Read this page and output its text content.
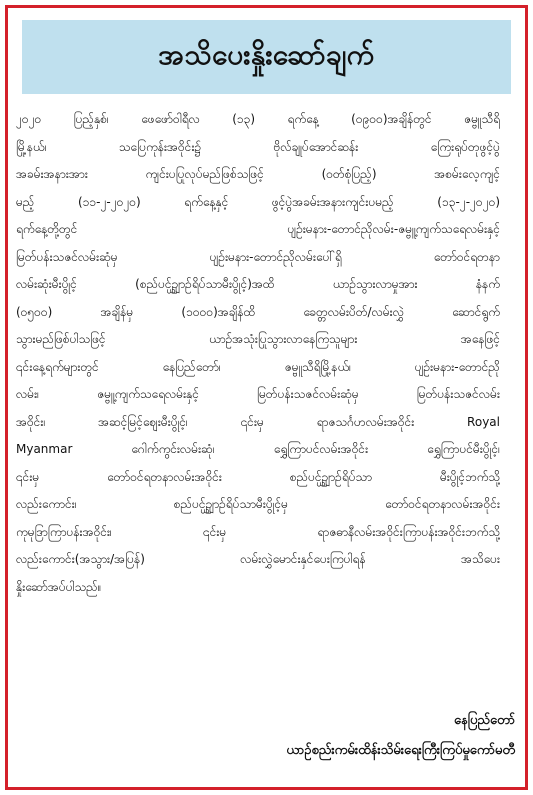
အသိပေးနှိုးဆော်ချက်
၂၀၂၀ ပြည့်နှစ်၊ ဖေဖော်ဝါရီလ (၁၃) ရက်နေ့ (၀၉၀၀)အချိန်တွင် ဇမ္ဗူသီရိ
မြို့နယ်၊ သပြေကုန်းအဝိုင်း၌ ဗိုလ်ချုပ်အောင်ဆန်း ကြေးရုပ်တုဖွင့်ပွဲ
အခမ်းအနားအား ကျင်းပပြုလုပ်မည်ဖြစ်သဖြင့် (ဝတ်စုံပြည့်) အစမ်းလေ့ကျင့်
မည့် (၁၁-၂-၂၀၂၀) ရက်နေ့နှင့် ဖွင့်ပွဲအခမ်းအနားကျင်းပမည့် (၁၃-၂-၂၀၂၀)
ရက်နေ့တို့တွင် ပျဉ်းမနား-တောင်ညိုလမ်း-ဇမ္ဗူ့ကျက်သရေလမ်းနှင့်
မြတ်ပန်းသဇင်လမ်းဆုံမှ ပျဉ်းမနား-တောင်ညိုလမ်းပေါ်ရှိ တော်ဝင်ရတနာ
လမ်းဆုံးမီးပွိုင့် (စည်ပင်ဥ္ယျာဉ်ရိပ်သာမီးပွိုင့်)အထိ ယာဉ်သွားလာမှုအား နံနက်
(၀၅၀၀) အချိန်မှ (၁၀၀၀)အချိန်ထိ ခေတ္တလမ်းပိတ်/လမ်းလွှဲ ဆောင်ရွက်
သွားမည်ဖြစ်ပါသဖြင့် ယာဉ်အသုံးပြုသွားလာနေကြသူများ အနေဖြင့်
၎င်းနေ့ရက်များတွင် နေပြည်တော်၊ ဇမ္ဗူသီရိမြို့နယ်၊ ပျဉ်းမနား-တောင်ညို
လမ်း၊ ဇမ္ဗူ့ကျက်သရေလမ်းနှင့် မြတ်ပန်းသဇင်လမ်းဆုံမှ မြတ်ပန်းသဇင်လမ်း
အဝိုင်း၊ အဆင့်မြင့်ဈေးမီးပွိုင့်၊ ၎င်းမှ ရာဇသင်္ဂဟလမ်းအဝိုင်း Royal
Myanmar ဂေါက်ကွင်းလမ်းဆုံ၊ ရွှေကြာပင်လမ်းအဝိုင်း ရွှေကြာပင်မီးပွိုင့်၊
၎င်းမှ တော်ဝင်ရတနာလမ်းအဝိုင်း စည်ပင်ဥ္ယျာဉ်ရိပ်သာ မီးပွိုင့်ဘက်သို့
လည်းကောင်း၊ စည်ပင်ဥ္ယျာဉ်ရိပ်သာမီးပွိုင့်မှ တော်ဝင်ရတနာလမ်းအဝိုင်း
ကုမုဒြာကြာပန်းအဝိုင်း၊ ၎င်းမှ ရာဇဓာနီလမ်းအဝိုင်းကြာပန်းအဝိုင်းဘက်သို့
လည်းကောင်း(အသွား/အပြန်) လမ်းလွှဲမောင်းနှင်ပေးကြပါရန် အသိပေး
နှိုးဆော်အပ်ပါသည်။
နေပြည်တော်
ယာဉ်စည်းကမ်းထိန်းသိမ်းရေးကြီးကြပ်မှုကော်မတီ
